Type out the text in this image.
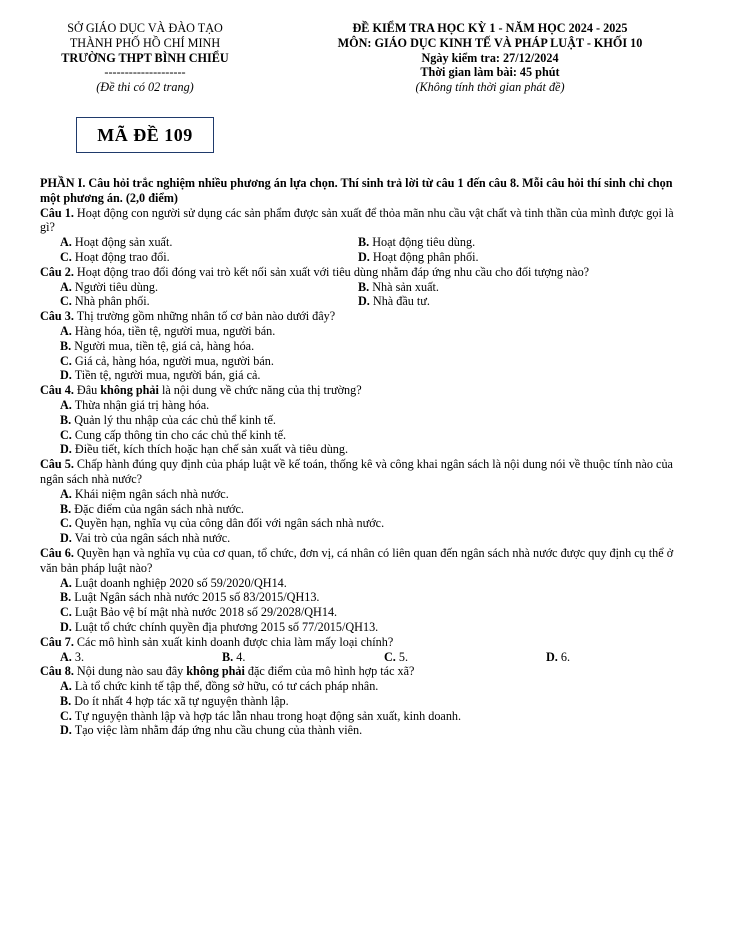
SỞ GIÁO DỤC VÀ ĐÀO TẠO
THÀNH PHỐ HỒ CHÍ MINH
TRƯỜNG THPT BÌNH CHIỂU
--------------------
(Đề thi có 02 trang)
ĐỀ KIỂM TRA HỌC KỲ 1 - NĂM HỌC 2024 - 2025
MÔN: GIÁO DỤC KINH TẾ VÀ PHÁP LUẬT - KHỐI 10
Ngày kiểm tra: 27/12/2024
Thời gian làm bài: 45 phút
(Không tính thời gian phát đề)
MÃ ĐỀ 109
PHẦN I. Câu hỏi trắc nghiệm nhiều phương án lựa chọn. Thí sinh trả lời từ câu 1 đến câu 8. Mỗi câu hỏi thí sinh chỉ chọn một phương án. (2,0 điểm)
Câu 1. Hoạt động con người sử dụng các sản phẩm được sản xuất để thỏa mãn nhu cầu vật chất và tinh thần của mình được gọi là gì?
A. Hoạt động sản xuất.	B. Hoạt động tiêu dùng.
C. Hoạt động trao đổi.	D. Hoạt động phân phối.
Câu 2. Hoạt động trao đổi đóng vai trò kết nối sản xuất với tiêu dùng nhằm đáp ứng nhu cầu cho đối tượng nào?
A. Người tiêu dùng.	B. Nhà sản xuất.
C. Nhà phân phối.	D. Nhà đầu tư.
Câu 3. Thị trường gồm những nhân tố cơ bản nào dưới đây?
A. Hàng hóa, tiền tệ, người mua, người bán.
B. Người mua, tiền tệ, giá cả, hàng hóa.
C. Giá cả, hàng hóa, người mua, người bán.
D. Tiền tệ, người mua, người bán, giá cả.
Câu 4. Đâu không phải là nội dung về chức năng của thị trường?
A. Thừa nhận giá trị hàng hóa.
B. Quản lý thu nhập của các chủ thể kinh tế.
C. Cung cấp thông tin cho các chủ thể kinh tế.
D. Điều tiết, kích thích hoặc hạn chế sản xuất và tiêu dùng.
Câu 5. Chấp hành đúng quy định của pháp luật về kế toán, thống kê và công khai ngân sách là nội dung nói về thuộc tính nào của ngân sách nhà nước?
A. Khái niệm ngân sách nhà nước.
B. Đặc điểm của ngân sách nhà nước.
C. Quyền hạn, nghĩa vụ của công dân đối với ngân sách nhà nước.
D. Vai trò của ngân sách nhà nước.
Câu 6. Quyền hạn và nghĩa vụ của cơ quan, tổ chức, đơn vị, cá nhân có liên quan đến ngân sách nhà nước được quy định cụ thể ở văn bản pháp luật nào?
A. Luật doanh nghiệp 2020 số 59/2020/QH14.
B. Luật Ngân sách nhà nước 2015 số 83/2015/QH13.
C. Luật Bảo vệ bí mật nhà nước 2018 số 29/2028/QH14.
D. Luật tổ chức chính quyền địa phương 2015 số 77/2015/QH13.
Câu 7. Các mô hình sản xuất kinh doanh được chia làm mấy loại chính?
A. 3.	B. 4.	C. 5.	D. 6.
Câu 8. Nội dung nào sau đây không phải đặc điểm của mô hình hợp tác xã?
A. Là tổ chức kinh tế tập thể, đồng sở hữu, có tư cách pháp nhân.
B. Do ít nhất 4 hợp tác xã tự nguyện thành lập.
C. Tự nguyện thành lập và hợp tác lẫn nhau trong hoạt động sản xuất, kinh doanh.
D. Tạo việc làm nhằm đáp ứng nhu cầu chung của thành viên.
